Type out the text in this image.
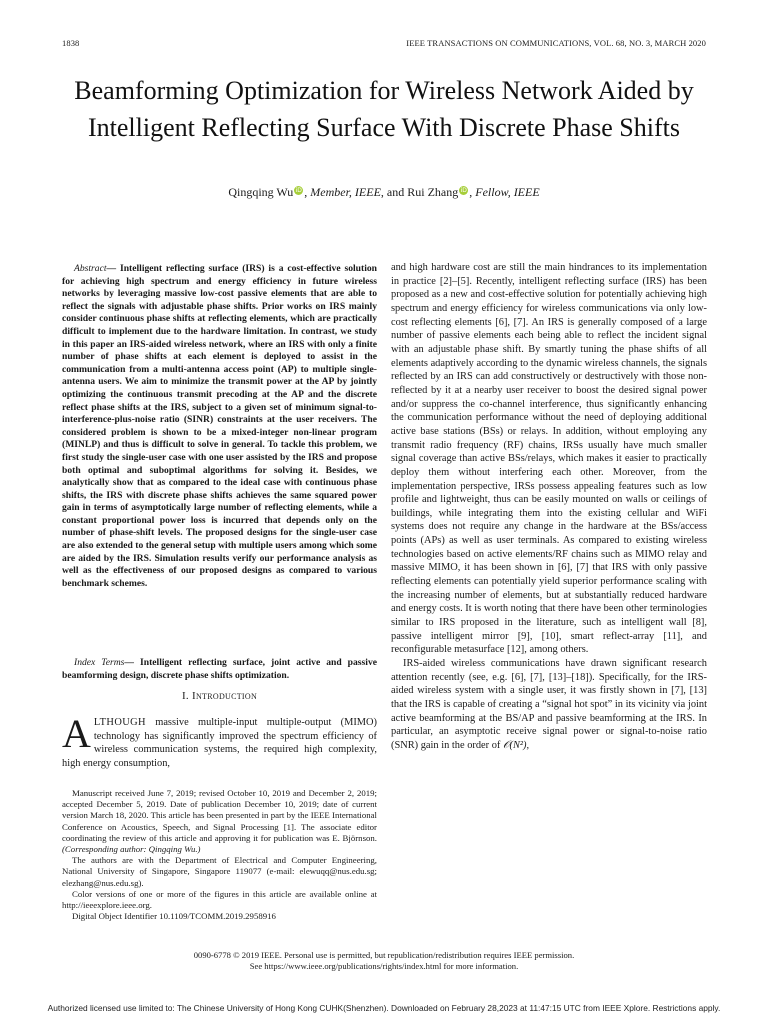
1838	IEEE TRANSACTIONS ON COMMUNICATIONS, VOL. 68, NO. 3, MARCH 2020
Beamforming Optimization for Wireless Network Aided by Intelligent Reflecting Surface With Discrete Phase Shifts
Qingqing Wu iD , Member, IEEE, and Rui Zhang iD , Fellow, IEEE
Abstract— Intelligent reflecting surface (IRS) is a cost-effective solution for achieving high spectrum and energy efficiency in future wireless networks by leveraging massive low-cost passive elements that are able to reflect the signals with adjustable phase shifts. Prior works on IRS mainly consider continuous phase shifts at reflecting elements, which are practically difficult to implement due to the hardware limitation. In contrast, we study in this paper an IRS-aided wireless network, where an IRS with only a finite number of phase shifts at each element is deployed to assist in the communication from a multi-antenna access point (AP) to multiple single-antenna users. We aim to minimize the transmit power at the AP by jointly optimizing the continuous transmit precoding at the AP and the discrete reflect phase shifts at the IRS, subject to a given set of minimum signal-to-interference-plus-noise ratio (SINR) constraints at the user receivers. The considered problem is shown to be a mixed-integer non-linear program (MINLP) and thus is difficult to solve in general. To tackle this problem, we first study the single-user case with one user assisted by the IRS and propose both optimal and suboptimal algorithms for solving it. Besides, we analytically show that as compared to the ideal case with continuous phase shifts, the IRS with discrete phase shifts achieves the same squared power gain in terms of asymptotically large number of reflecting elements, while a constant proportional power loss is incurred that depends only on the number of phase-shift levels. The proposed designs for the single-user case are also extended to the general setup with multiple users among which some are aided by the IRS. Simulation results verify our performance analysis as well as the effectiveness of our proposed designs as compared to various benchmark schemes.
Index Terms— Intelligent reflecting surface, joint active and passive beamforming design, discrete phase shifts optimization.
I. Introduction
ALTHOUGH massive multiple-input multiple-output (MIMO) technology has significantly improved the spectrum efficiency of wireless communication systems, the required high complexity, high energy consumption,

Manuscript received June 7, 2019; revised October 10, 2019 and December 2, 2019; accepted December 5, 2019. Date of publication December 10, 2019; date of current version March 18, 2020. This article has been presented in part by the IEEE International Conference on Acoustics, Speech, and Signal Processing [1]. The associate editor coordinating the review of this article and approving it for publication was E. Björnson. (Corresponding author: Qingqing Wu.)

The authors are with the Department of Electrical and Computer Engineering, National University of Singapore, Singapore 119077 (e-mail: elewuqq@nus.edu.sg; elezhang@nus.edu.sg).

Color versions of one or more of the figures in this article are available online at http://ieeexplore.ieee.org.

Digital Object Identifier 10.1109/TCOMM.2019.2958916

and high hardware cost are still the main hindrances to its implementation in practice [2]–[5]. Recently, intelligent reflecting surface (IRS) has been proposed as a new and cost-effective solution for potentially achieving high spectrum and energy efficiency for wireless communications via only low-cost reflecting elements [6], [7]. An IRS is generally composed of a large number of passive elements each being able to reflect the incident signal with an adjustable phase shift. By smartly tuning the phase shifts of all elements adaptively according to the dynamic wireless channels, the signals reflected by an IRS can add constructively or destructively with those non-reflected by it at a nearby user receiver to boost the desired signal power and/or suppress the co-channel interference, thus significantly enhancing the communication performance without the need of deploying additional active base stations (BSs) or relays. In addition, without employing any transmit radio frequency (RF) chains, IRSs usually have much smaller signal coverage than active BSs/relays, which makes it easier to practically deploy them without interfering each other. Moreover, from the implementation perspective, IRSs possess appealing features such as low profile and lightweight, thus can be easily mounted on walls or ceilings of buildings, while integrating them into the existing cellular and WiFi systems does not require any change in the hardware at the BSs/access points (APs) as well as user terminals. As compared to existing wireless technologies based on active elements/RF chains such as MIMO relay and massive MIMO, it has been shown in [6], [7] that IRS with only passive reflecting elements can potentially yield superior performance scaling with the increasing number of elements, but at substantially reduced hardware and energy costs. It is worth noting that there have been other terminologies similar to IRS proposed in the literature, such as intelligent wall [8], passive intelligent mirror [9], [10], smart reflect-array [11], and reconfigurable metasurface [12], among others.

IRS-aided wireless communications have drawn significant research attention recently (see, e.g. [6], [7], [13]–[18]). Specifically, for the IRS-aided wireless system with a single user, it was firstly shown in [7], [13] that the IRS is capable of creating a “signal hot spot” in its vicinity via joint active beamforming at the BS/AP and passive beamforming at the IRS. In particular, an asymptotic receive signal power or signal-to-noise ratio (SNR) gain in the order of 𝒪(N²),

0090-6778 © 2019 IEEE. Personal use is permitted, but republication/redistribution requires IEEE permission.
See https://www.ieee.org/publications/rights/index.html for more information.
Authorized licensed use limited to: The Chinese University of Hong Kong CUHK(Shenzhen). Downloaded on February 28,2023 at 11:47:15 UTC from IEEE Xplore. Restrictions apply.
